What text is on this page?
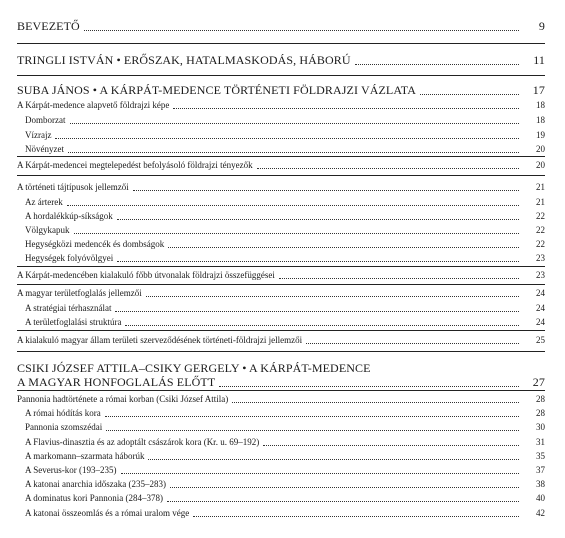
BEVEZETŐ	9
TRINGLI ISTVÁN • ERŐSZAK, HATALMASKODÁS, HÁBORÚ	11
SUBA JÁNOS • A KÁRPÁT-MEDENCE TÖRTÉNETI FÖLDRAJZI VÁZLATA	17
A Kárpát-medence alapvető földrajzi képe	18
Domborzat	18
Vízrajz	19
Növényzet	20
A Kárpát-medencei megtelepedést befolyásoló földrajzi tényezők	20
A történeti tájtípusok jellemzői	21
Az árterek	21
A hordalékkúp-síkságok	22
Völgykapuk	22
Hegységközi medencék és dombságok	22
Hegységek folyóvölgyei	23
A Kárpát-medencében kialakuló főbb útvonalak földrajzi összefüggései	23
A magyar területfoglalás jellemzői	24
A stratégiai térhasználat	24
A területfoglalási struktúra	24
A kialakuló magyar állam területi szerveződésének történeti-földrajzi jellemzői	25
CSIKI JÓZSEF ATTILA–CSIKY GERGELY • A KÁRPÁT-MEDENCE
A MAGYAR HONFOGLALÁS ELŐTT	27
Pannonia hadtörténete a római korban (Csiki József Attila)	28
A római hódítás kora	28
Pannonia szomszédai	30
A Flavius-dinasztia és az adoptált császárok kora (Kr. u. 69–192)	31
A markomann–szarmata háborúk	35
A Severus-kor (193–235)	37
A katonai anarchia időszaka (235–283)	38
A dominatus kori Pannonia (284–378)	40
A katonai összeomlás és a római uralom vége	42
